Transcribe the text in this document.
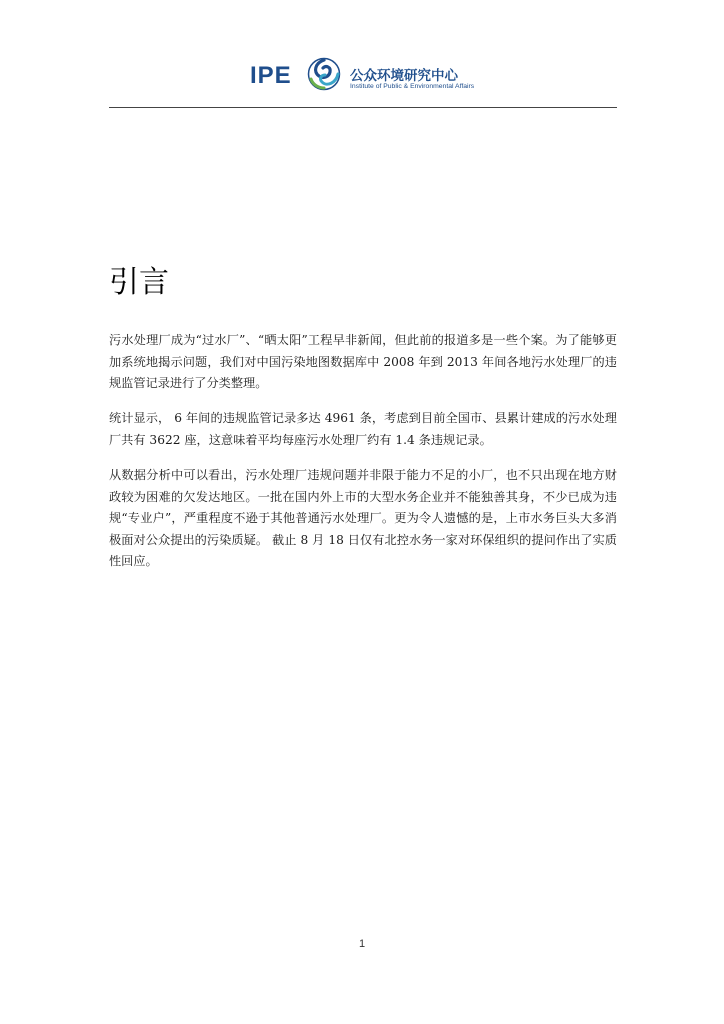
IPE	公众环境研究中心
Institute of Public & Environmental Affairs
引言

污水处理厂成为“过水厂”、“晒太阳”工程早非新闻，但此前的报道多是一些个案。为了能够更加系统地揭示问题，我们对中国污染地图数据库中 2008 年到 2013 年间各地污水处理厂的违规监管记录进行了分类整理。

统计显示， 6 年间的违规监管记录多达 4961 条，考虑到目前全国市、县累计建成的污水处理厂共有 3622 座，这意味着平均每座污水处理厂约有 1.4 条违规记录。

从数据分析中可以看出，污水处理厂违规问题并非限于能力不足的小厂，也不只出现在地方财政较为困难的欠发达地区。一批在国内外上市的大型水务企业并不能独善其身，不少已成为违规“专业户”，严重程度不逊于其他普通污水处理厂。更为令人遗憾的是，上市水务巨头大多消极面对公众提出的污染质疑。 截止 8 月 18 日仅有北控水务一家对环保组织的提问作出了实质性回应。

1
